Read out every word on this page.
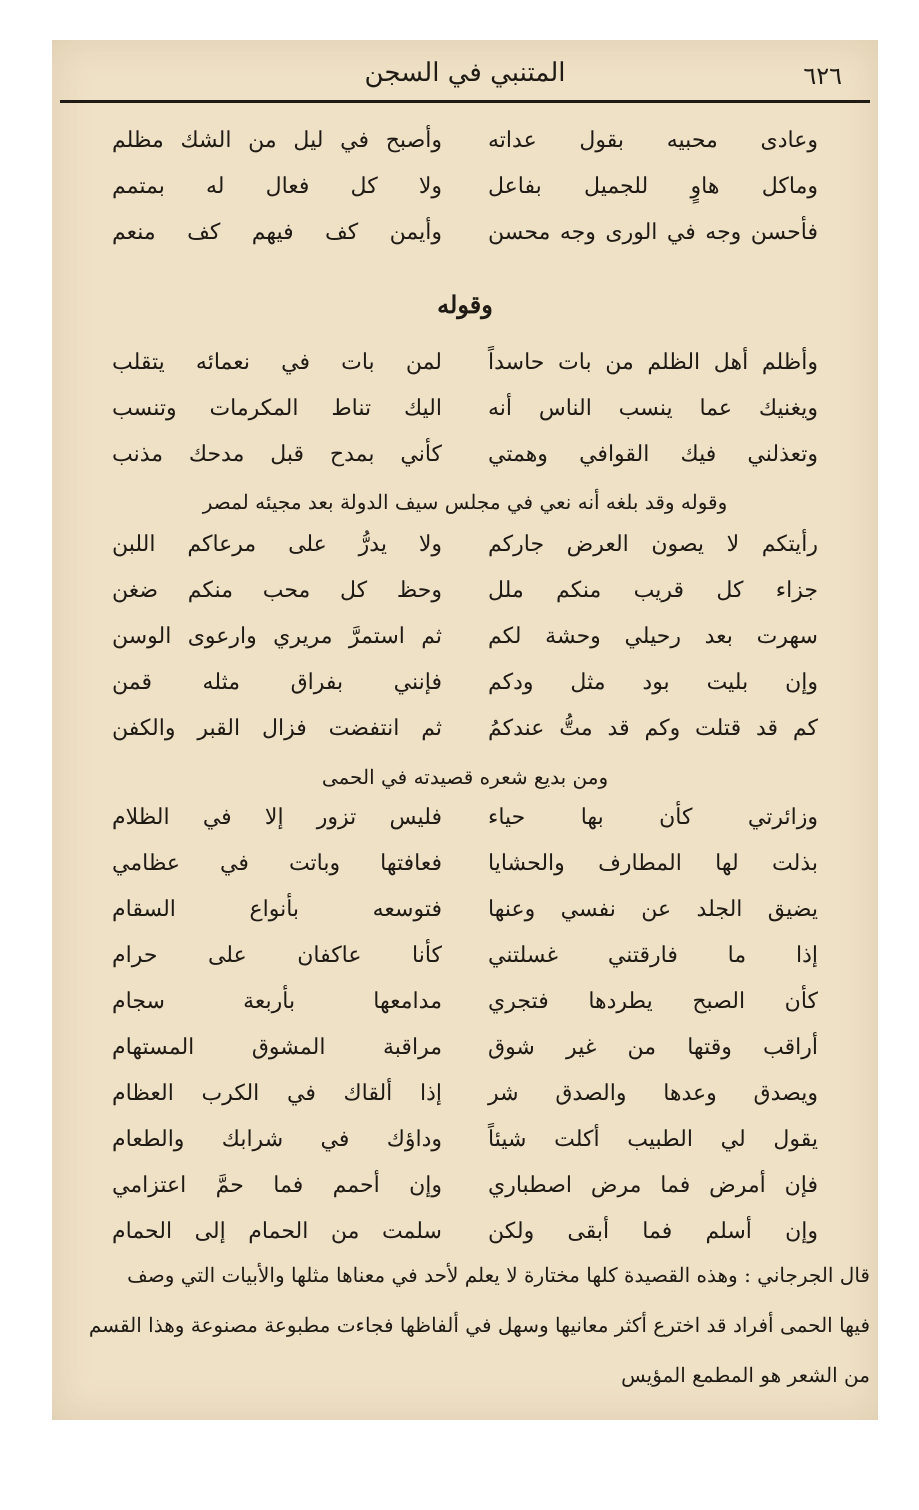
٦٢٦
المتنبي في السجن
وعادى محبيه بقول عداته
وأصبح في ليل من الشك مظلم
وماكل هاوٍ للجميل بفاعل
ولا كل فعال له بمتمم
فأحسن وجه في الورى وجه محسن
وأيمن كف فيهم كف منعم
وقوله
وأظلم أهل الظلم من بات حاسداً
لمن بات في نعمائه يتقلب
ويغنيك عما ينسب الناس أنه
اليك تناط المكرمات وتنسب
وتعذلني فيك القوافي وهمتي
كأني بمدح قبل مدحك مذنب
وقوله وقد بلغه أنه نعي في مجلس سيف الدولة بعد مجيئه لمصر
رأيتكم لا يصون العرض جاركم
ولا يدرُّ على مرعاكم اللبن
جزاء كل قريب منكم ملل
وحظ كل محب منكم ضغن
سهرت بعد رحيلي وحشة لكم
ثم استمرَّ مريري وارعوى الوسن
وإن بليت بود مثل ودكم
فإنني بفراق مثله قمن
كم قد قتلت وكم قد متُّ عندكمُ
ثم انتفضت فزال القبر والكفن
ومن بديع شعره قصيدته في الحمى
وزائرتي كأن بها حياء
فليس تزور إلا في الظلام
بذلت لها المطارف والحشايا
فعافتها وباتت في عظامي
يضيق الجلد عن نفسي وعنها
فتوسعه بأنواع السقام
إذا ما فارقتني غسلتني
كأنا عاكفان على حرام
كأن الصبح يطردها فتجري
مدامعها بأربعة سجام
أراقب وقتها من غير شوق
مراقبة المشوق المستهام
ويصدق وعدها والصدق شر
إذا ألقاك في الكرب العظام
يقول لي الطبيب أكلت شيئاً
وداؤك في شرابك والطعام
فإن أمرض فما مرض اصطباري
وإن أحمم فما حمَّ اعتزامي
وإن أسلم فما أبقى ولكن
سلمت من الحمام إلى الحمام
قال الجرجاني : وهذه القصيدة كلها مختارة لا يعلم لأحد في معناها مثلها والأبيات التي وصف
فيها الحمى أفراد قد اخترع أكثر معانيها وسهل في ألفاظها فجاءت مطبوعة مصنوعة وهذا القسم
من الشعر هو المطمع المؤيس
